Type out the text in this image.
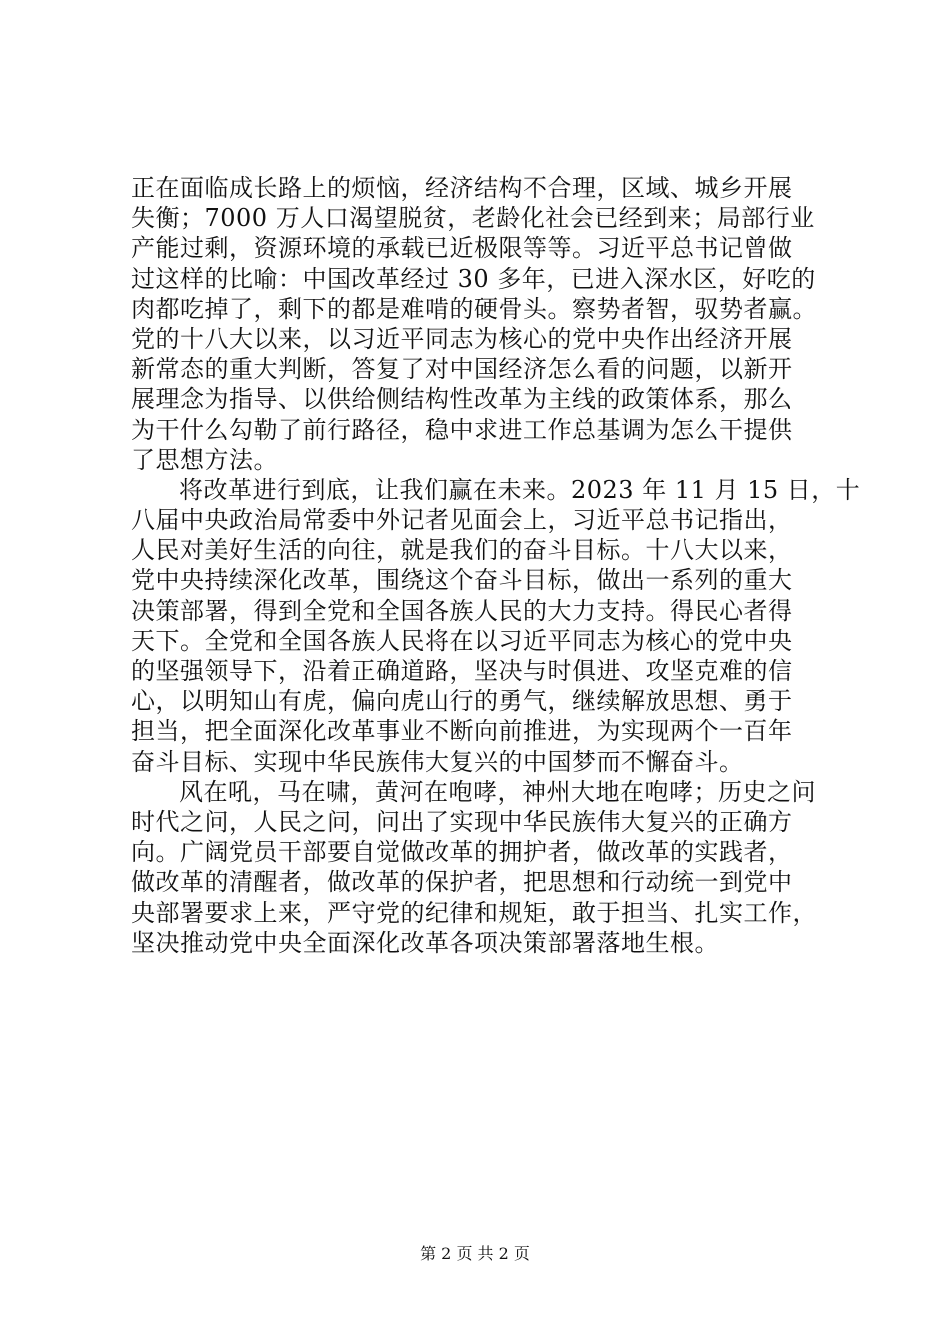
正在面临成长路上的烦恼，经济结构不合理，区域、城乡开展
失衡；7000 万人口渴望脱贫，老龄化社会已经到来；局部行业
产能过剩，资源环境的承载已近极限等等。习近平总书记曾做
过这样的比喻：中国改革经过 30 多年，已进入深水区，好吃的
肉都吃掉了，剩下的都是难啃的硬骨头。察势者智，驭势者赢。
党的十八大以来，以习近平同志为核心的党中央作出经济开展
新常态的重大判断，答复了对中国经济怎么看的问题，以新开
展理念为指导、以供给侧结构性改革为主线的政策体系，那么
为干什么勾勒了前行路径，稳中求进工作总基调为怎么干提供
了思想方法。
将改革进行到底，让我们赢在未来。2023 年 11 月 15 日，十
八届中央政治局常委中外记者见面会上，习近平总书记指出，
人民对美好生活的向往，就是我们的奋斗目标。十八大以来，
党中央持续深化改革，围绕这个奋斗目标，做出一系列的重大
决策部署，得到全党和全国各族人民的大力支持。得民心者得
天下。全党和全国各族人民将在以习近平同志为核心的党中央
的坚强领导下，沿着正确道路，坚决与时俱进、攻坚克难的信
心，以明知山有虎，偏向虎山行的勇气，继续解放思想、勇于
担当，把全面深化改革事业不断向前推进，为实现两个一百年
奋斗目标、实现中华民族伟大复兴的中国梦而不懈奋斗。
风在吼，马在啸，黄河在咆哮，神州大地在咆哮；历史之问
时代之问，人民之问，问出了实现中华民族伟大复兴的正确方
向。广阔党员干部要自觉做改革的拥护者，做改革的实践者，
做改革的清醒者，做改革的保护者，把思想和行动统一到党中
央部署要求上来，严守党的纪律和规矩，敢于担当、扎实工作，
坚决推动党中央全面深化改革各项决策部署落地生根。
第 2 页 共 2 页
